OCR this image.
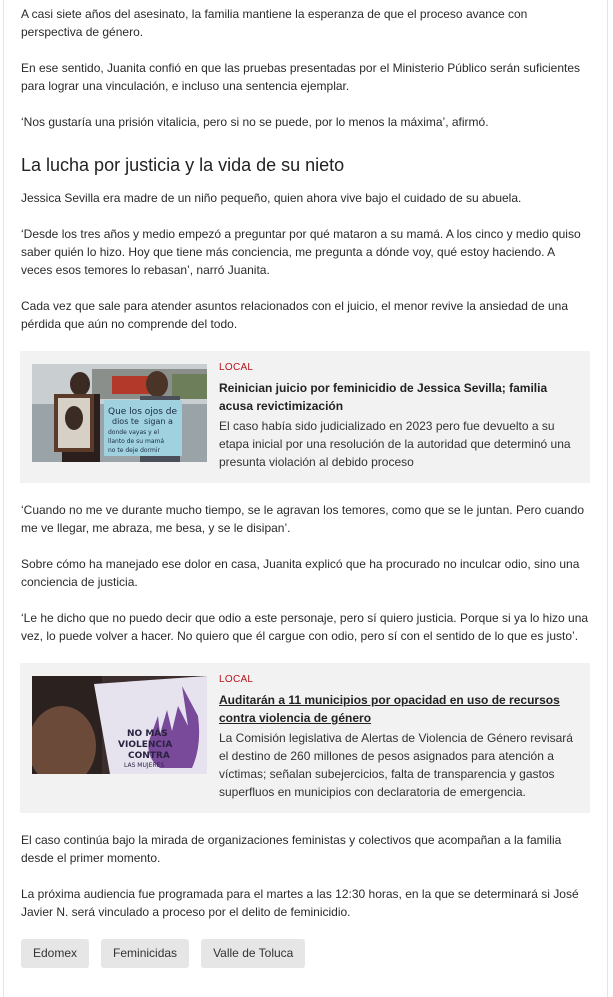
A casi siete años del asesinato, la familia mantiene la esperanza de que el proceso avance con perspectiva de género.

En ese sentido, Juanita confió en que las pruebas presentadas por el Ministerio Público serán suficientes para lograr una vinculación, e incluso una sentencia ejemplar.

‘Nos gustaría una prisión vitalicia, pero si no se puede, por lo menos la máxima’, afirmó.

La lucha por justicia y la vida de su nieto

Jessica Sevilla era madre de un niño pequeño, quien ahora vive bajo el cuidado de su abuela.

‘Desde los tres años y medio empezó a preguntar por qué mataron a su mamá. A los cinco y medio quiso saber quién lo hizo. Hoy que tiene más conciencia, me pregunta a dónde voy, qué estoy haciendo. A veces esos temores lo rebasan’, narró Juanita.

Cada vez que sale para atender asuntos relacionados con el juicio, el menor revive la ansiedad de una pérdida que aún no comprende del todo.

Que los ojos de
dios te sigan a
donde vayas y el
llanto de su mamá
no te deje dormir
LOCAL
Reinician juicio por feminicidio de Jessica Sevilla; familia acusa revictimización
El caso había sido judicializado en 2023 pero fue devuelto a su etapa inicial por una resolución de la autoridad que determinó una presunta violación al debido proceso

‘Cuando no me ve durante mucho tiempo, se le agravan los temores, como que se le juntan. Pero cuando me ve llegar, me abraza, me besa, y se le disipan’.

Sobre cómo ha manejado ese dolor en casa, Juanita explicó que ha procurado no inculcar odio, sino una conciencia de justicia.

‘Le he dicho que no puedo decir que odio a este personaje, pero sí quiero justicia. Porque si ya lo hizo una vez, lo puede volver a hacer. No quiero que él cargue con odio, pero sí con el sentido de lo que es justo’.

NO MÁS
VIOLENCIA
CONTRA
LAS MUJERES
LOCAL
Auditarán a 11 municipios por opacidad en uso de recursos contra violencia de género
La Comisión legislativa de Alertas de Violencia de Género revisará el destino de 260 millones de pesos asignados para atención a víctimas; señalan subejercicios, falta de transparencia y gastos superfluos en municipios con declaratoria de emergencia.

El caso continúa bajo la mirada de organizaciones feministas y colectivos que acompañan a la familia desde el primer momento.

La próxima audiencia fue programada para el martes a las 12:30 horas, en la que se determinará si José Javier N. será vinculado a proceso por el delito de feminicidio.

Edomex	Feminicidas	Valle de Toluca
